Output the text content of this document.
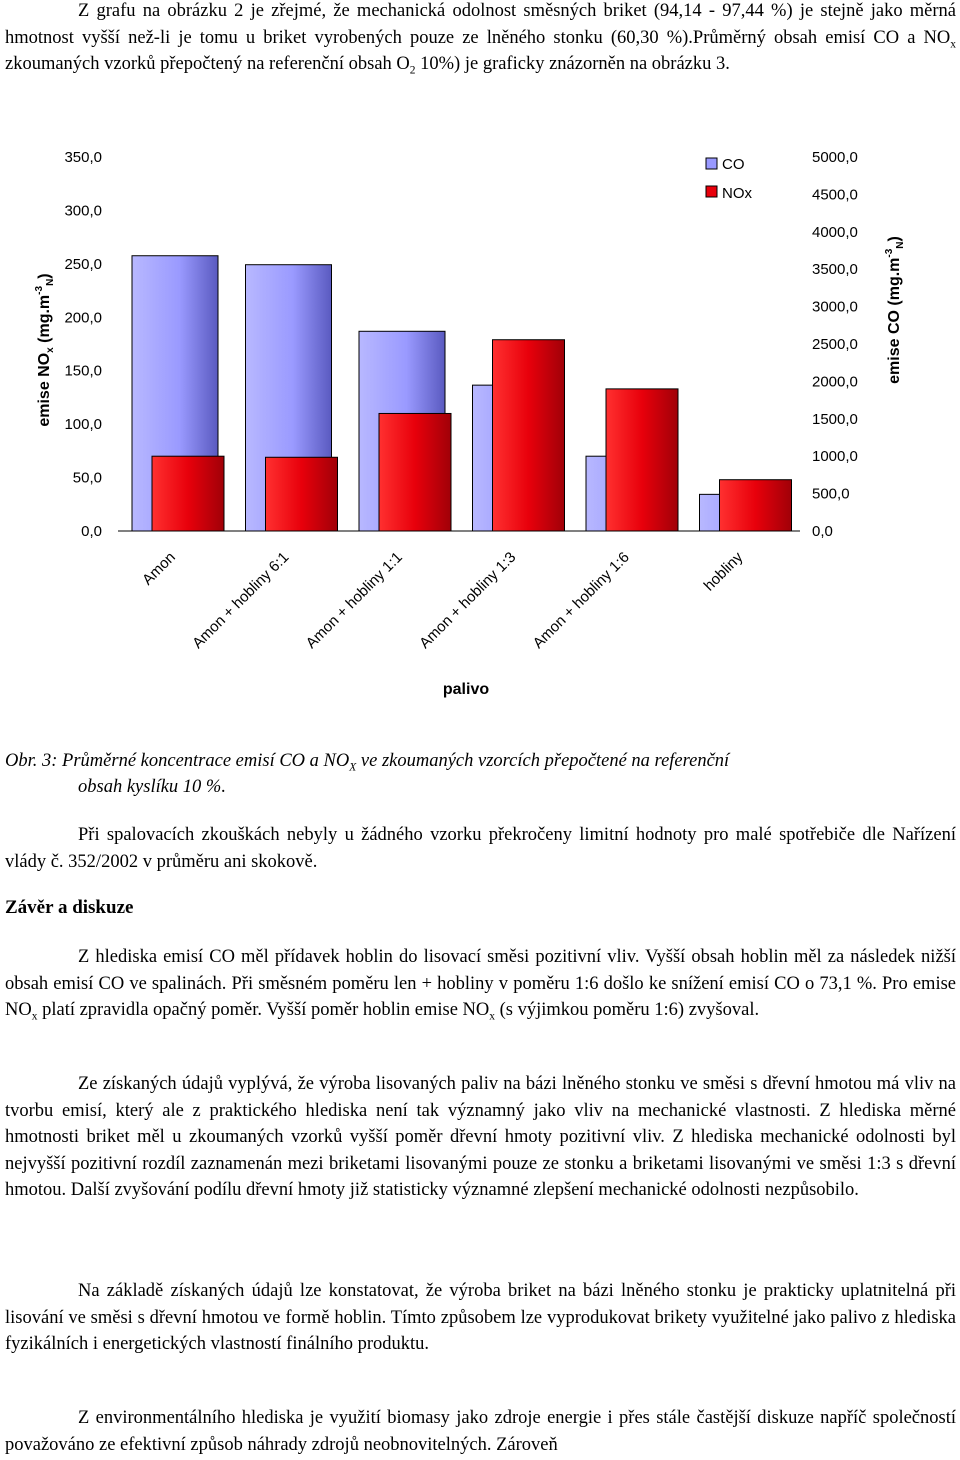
Z grafu na obrázku 2 je zřejmé, že mechanická odolnost směsných briket (94,14 - 97,44 %) je stejně jako měrná hmotnost vyšší než-li je tomu u briket vyrobených pouze ze lněného stonku (60,30 %).Průměrný obsah emisí CO a $NO_x$ zkoumaných vzorků přepočtený na referenční obsah $O_2$ 10%) je graficky znázorněn na obrázku 3.

0,0
50,0
100,0
150,0
200,0
250,0
300,0
350,0
0,0
500,0
1000,0
1500,0
2000,0
2500,0
3000,0
3500,0
4000,0
4500,0
5000,0
Amon Amon + hobliny 6:1 Amon + hobliny 1:1 Amon + hobliny 1:3 Amon + hobliny 1:6	hobliny
palivo
emise $NO_x$ $(mg.m^{-3}_N)$	emise CO $(mg.m^{-3}_N)$
CO
NOx

Obr. 3: Průměrné koncentrace emisí CO a $NO_X$ ve zkoumaných vzorcích přepočtené na referenční
obsah kyslíku 10 %.

Při spalovacích zkouškách nebyly u žádného vzorku překročeny limitní hodnoty pro malé spotřebiče dle Nařízení vlády č. 352/2002 v průměru ani skokově.

Závěr a diskuze

Z hlediska emisí CO měl přídavek hoblin do lisovací směsi pozitivní vliv. Vyšší obsah hoblin měl za následek nižší obsah emisí CO ve spalinách. Při směsném poměru len + hobliny v poměru 1:6 došlo ke snížení emisí CO o 73,1 %. Pro emise $NO_x$ platí zpravidla opačný poměr. Vyšší poměr hoblin emise $NO_x$ (s výjimkou poměru 1:6) zvyšoval.

Ze získaných údajů vyplývá, že výroba lisovaných paliv na bázi lněného stonku ve směsi s dřevní hmotou má vliv na tvorbu emisí, který ale z praktického hlediska není tak významný jako vliv na mechanické vlastnosti. Z hlediska měrné hmotnosti briket měl u zkoumaných vzorků vyšší poměr dřevní hmoty pozitivní vliv. Z hlediska mechanické odolnosti byl nejvyšší pozitivní rozdíl zaznamenán mezi briketami lisovanými pouze ze stonku a briketami lisovanými ve směsi 1:3 s dřevní hmotou. Další zvyšování podílu dřevní hmoty již statisticky významné zlepšení mechanické odolnosti nezpůsobilo.

Na základě získaných údajů lze konstatovat, že výroba briket na bázi lněného stonku je prakticky uplatnitelná při lisování ve směsi s dřevní hmotou ve formě hoblin. Tímto způsobem lze vyprodukovat brikety využitelné jako palivo z hlediska fyzikálních i energetických vlastností finálního produktu.

Z environmentálního hlediska je využití biomasy jako zdroje energie i přes stále častější diskuze napříč společností považováno ze efektivní způsob náhrady zdrojů neobnovitelných. Zároveň
